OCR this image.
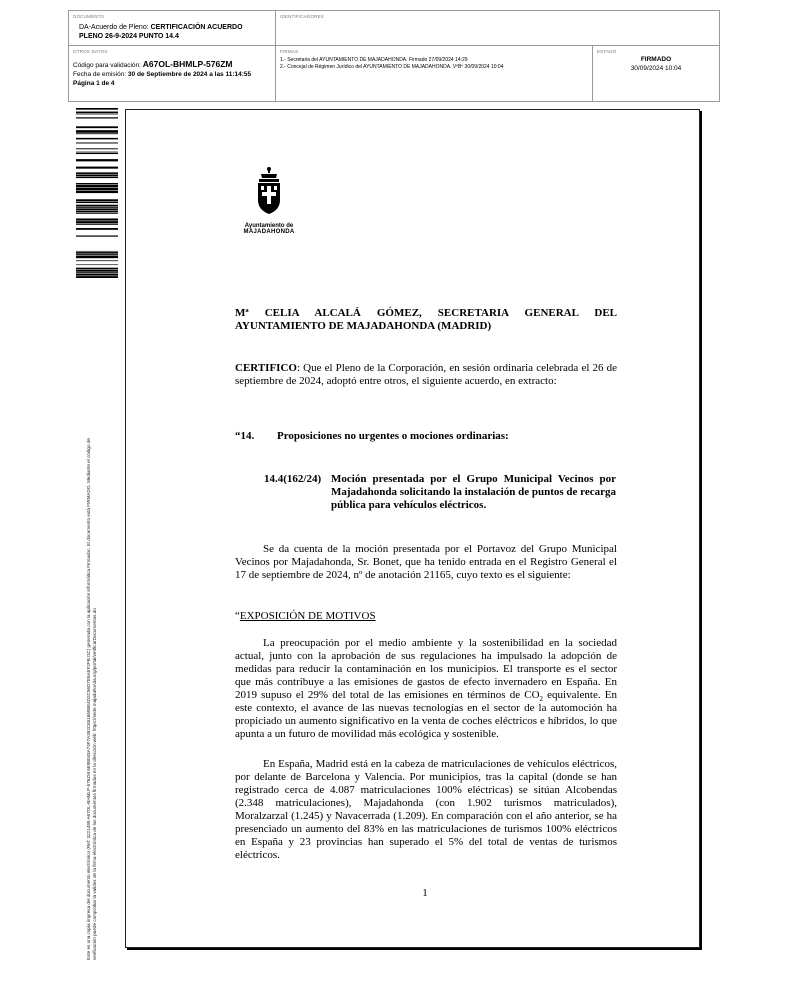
DOCUMENTO
DA-Acuerdo de Pleno: CERTIFICACIÓN ACUERDO
PLENO 26-9-2024 PUNTO 14.4
IDENTIFICADORES
OTROS DATOS
Código para validación: A67OL-BHMLP-576ZM
Fecha de emisión: 30 de Septiembre de 2024 a las 11:14:55
Página 1 de 4
FIRMAS
1.- Secretaria del AYUNTAMIENTO DE MAJADAHONDA. Firmado 27/09/2024 14:29
2.- Concejal de Régimen Jurídico del AYUNTAMIENTO DE MAJADAHONDA. VºBº 30/09/2024 10:04
ESTADO
FIRMADO
30/09/2024 10:04
Este es una copia impresa del documento electrónico (Ref: 3221489 A67OL-BHMLP-576ZM 6E98043A74F7A392C6516588E4D2C56D7E5AEF2FB DC) generada con la aplicación informática Firmadoc. El documento está FIRMADO. Mediante el código de verificación puede comprobar la validez de la firma electrónica de los documentos firmados en la dirección web: https://sede.majadahonda.org/portal/verificarDocumentos.do
Ayuntamiento de
MAJADAHONDA
Mª CELIA ALCALÁ GÓMEZ, SECRETARIA GENERAL DEL
AYUNTAMIENTO DE MAJADAHONDA (MADRID)
CERTIFICO: Que el Pleno de la Corporación, en sesión ordinaria celebrada el 26 de septiembre de 2024, adoptó entre otros, el siguiente acuerdo, en extracto:
“14. Proposiciones no urgentes o mociones ordinarias:
14.4(162/24) Moción presentada por el Grupo Municipal Vecinos por Majadahonda solicitando la instalación de puntos de recarga pública para vehículos eléctricos.
Se da cuenta de la moción presentada por el Portavoz del Grupo Municipal Vecinos por Majadahonda, Sr. Bonet, que ha tenido entrada en el Registro General el 17 de septiembre de 2024, nº de anotación 21165, cuyo texto es el siguiente:
“EXPOSICIÓN DE MOTIVOS
La preocupación por el medio ambiente y la sostenibilidad en la sociedad actual, junto con la aprobación de sus regulaciones ha impulsado la adopción de medidas para reducir la contaminación en los municipios. El transporte es el sector que más contribuye a las emisiones de gastos de efecto invernadero en España. En 2019 supuso el 29% del total de las emisiones en términos de $CO_2$ equivalente. En este contexto, el avance de las nuevas tecnologías en el sector de la automoción ha propiciado un aumento significativo en la venta de coches eléctricos e híbridos, lo que apunta a un futuro de movilidad más ecológica y sostenible.
En España, Madrid está en la cabeza de matriculaciones de vehículos eléctricos, por delante de Barcelona y Valencia. Por municipios, tras la capital (donde se han registrado cerca de 4.087 matriculaciones 100% eléctricas) se sitúan Alcobendas (2.348 matriculaciones), Majadahonda (con 1.902 turismos matriculados), Moralzarzal (1.245) y Navacerrada (1.209). En comparación con el año anterior, se ha presenciado un aumento del 83% en las matriculaciones de turismos 100% eléctricos en España y 23 provincias han superado el 5% del total de ventas de turismos eléctricos.
1
